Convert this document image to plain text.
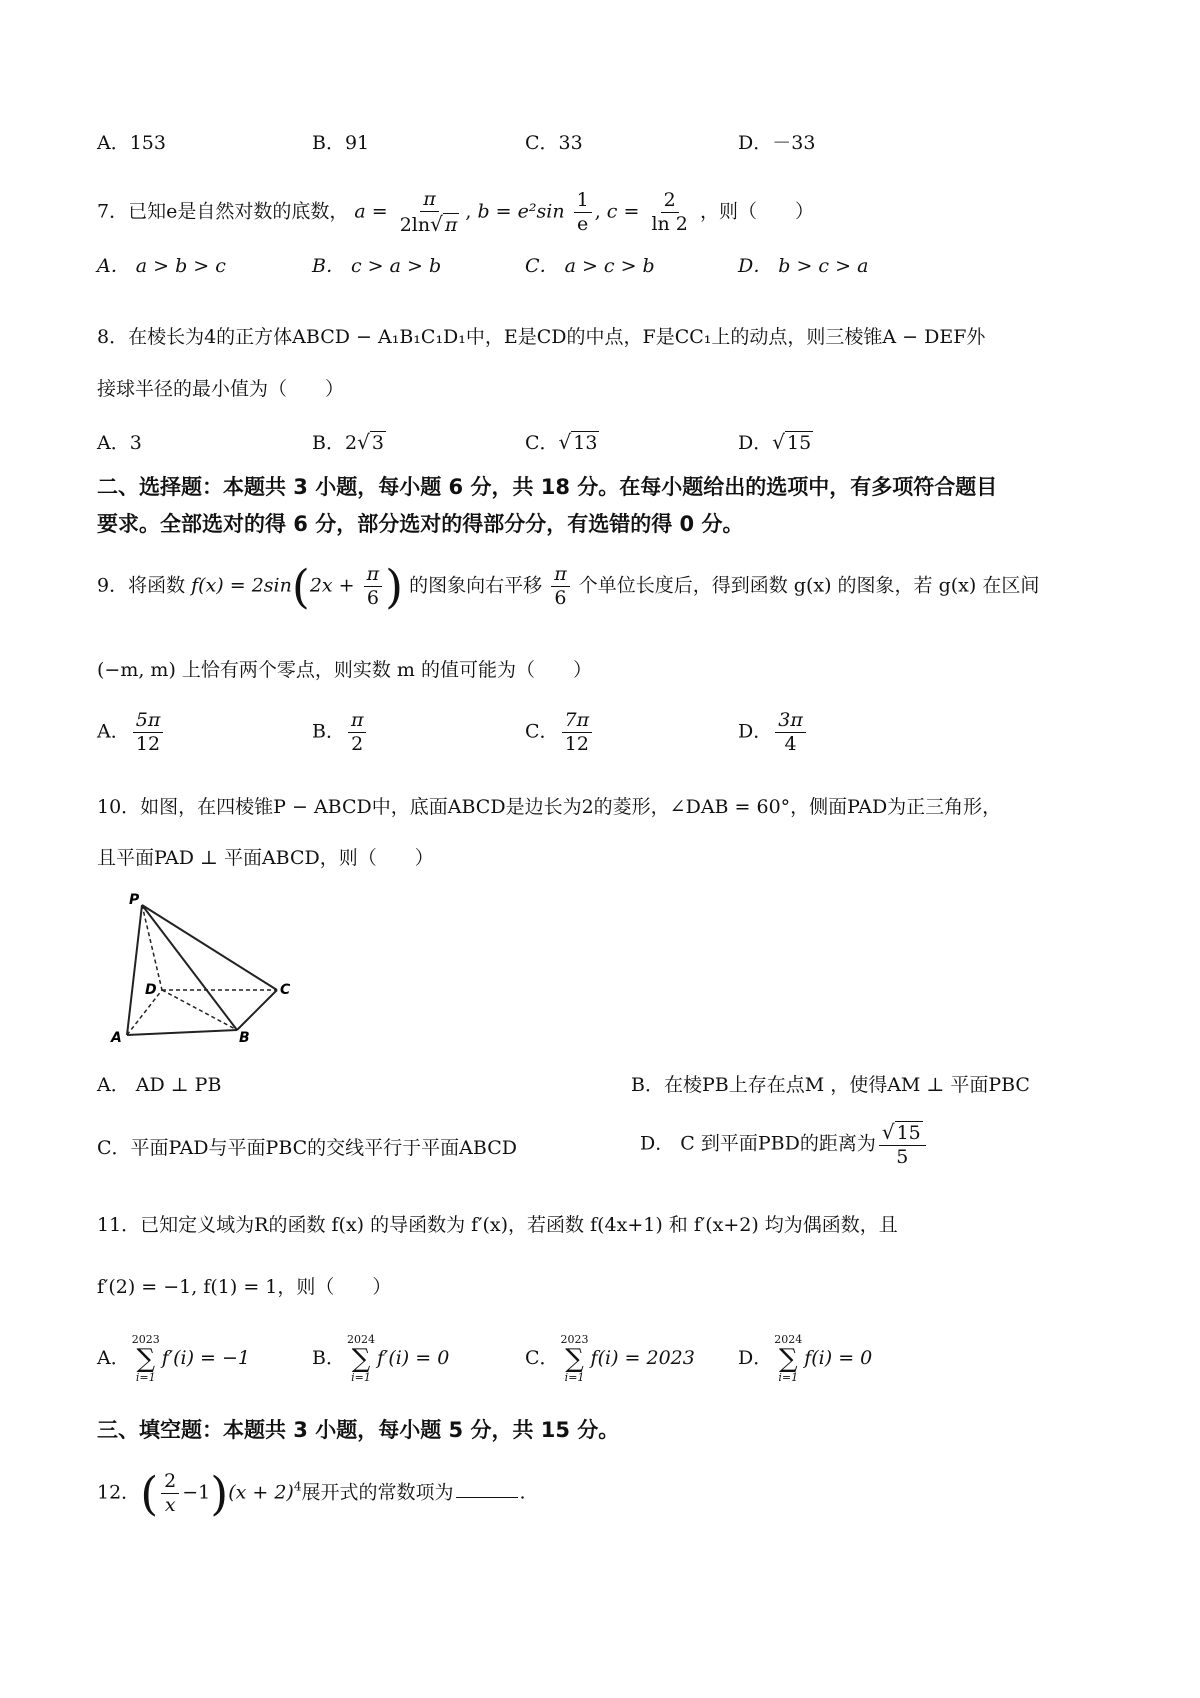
A．153	B．91	C．33	D．－33
7．已知e是自然对数的底数， $a = \frac{\pi}{2\ln√ \pi}$ , $b = e^2\sin \frac{1}{e}$ , $c = \frac{2}{\ln 2}$ ，则（　　）
A． a > b > c	B． c > a > b	C． a > c > b	D． b > c > a
8．在棱长为4的正方体ABCD − A₁B₁C₁D₁中，E是CD的中点，F是CC₁上的动点，则三棱锥A − DEF外
接球半径的最小值为（　　）
A．3	B．2√ 3	C．√ 13	D．√ 15
二、选择题：本题共 3 小题，每小题 6 分，共 18 分。在每小题给出的选项中，有多项符合题目
要求。全部选对的得 6 分，部分选对的得部分分，有选错的得 0 分。
9．将函数 $f(x) = 2\sin(2x + \frac{\pi}{6}$ ) 的图象向右平移 $\frac{\pi}{6}$ 个单位长度后，得到函数 g(x) 的图象，若 g(x) 在区间
(−m, m) 上恰有两个零点，则实数 m 的值可能为（　　）
A． $\frac{5\pi}{12}$	B． $\frac{\pi}{2}$	C． $\frac{7\pi}{12}$	D． $\frac{3\pi}{4}$
10．如图，在四棱锥P − ABCD中，底面ABCD是边长为2的菱形，∠DAB = 60°，侧面PAD为正三角形，
且平面PAD ⊥ 平面ABCD，则（　　）
P
D	C
A	B
A． AD ⊥ PB	B．在棱PB上存在点M ，使得AM ⊥ 平面PBC
C．平面PAD与平面PBC的交线平行于平面ABCD	D． C 到平面PBD的距离为 $\frac{√ 15}{5}$
11．已知定义域为R的函数 f(x) 的导函数为 f′(x)，若函数 f(4x+1) 和 f′(x+2) 均为偶函数，且
f′(2) = −1, f(1) = 1，则（　　）
A．
2023
∑
i=1
f′(i) = −1	B．
2024
∑
i=1
f′(i) = 0	C．
2023
∑
i=1
f(i) = 2023 D．
2024
∑
i=1
f(i) = 0
三、填空题：本题共 3 小题，每小题 5 分，共 15 分。
12．( $\frac{2}{x} -1)(x + 2)^4$展开式的常数项为	.
